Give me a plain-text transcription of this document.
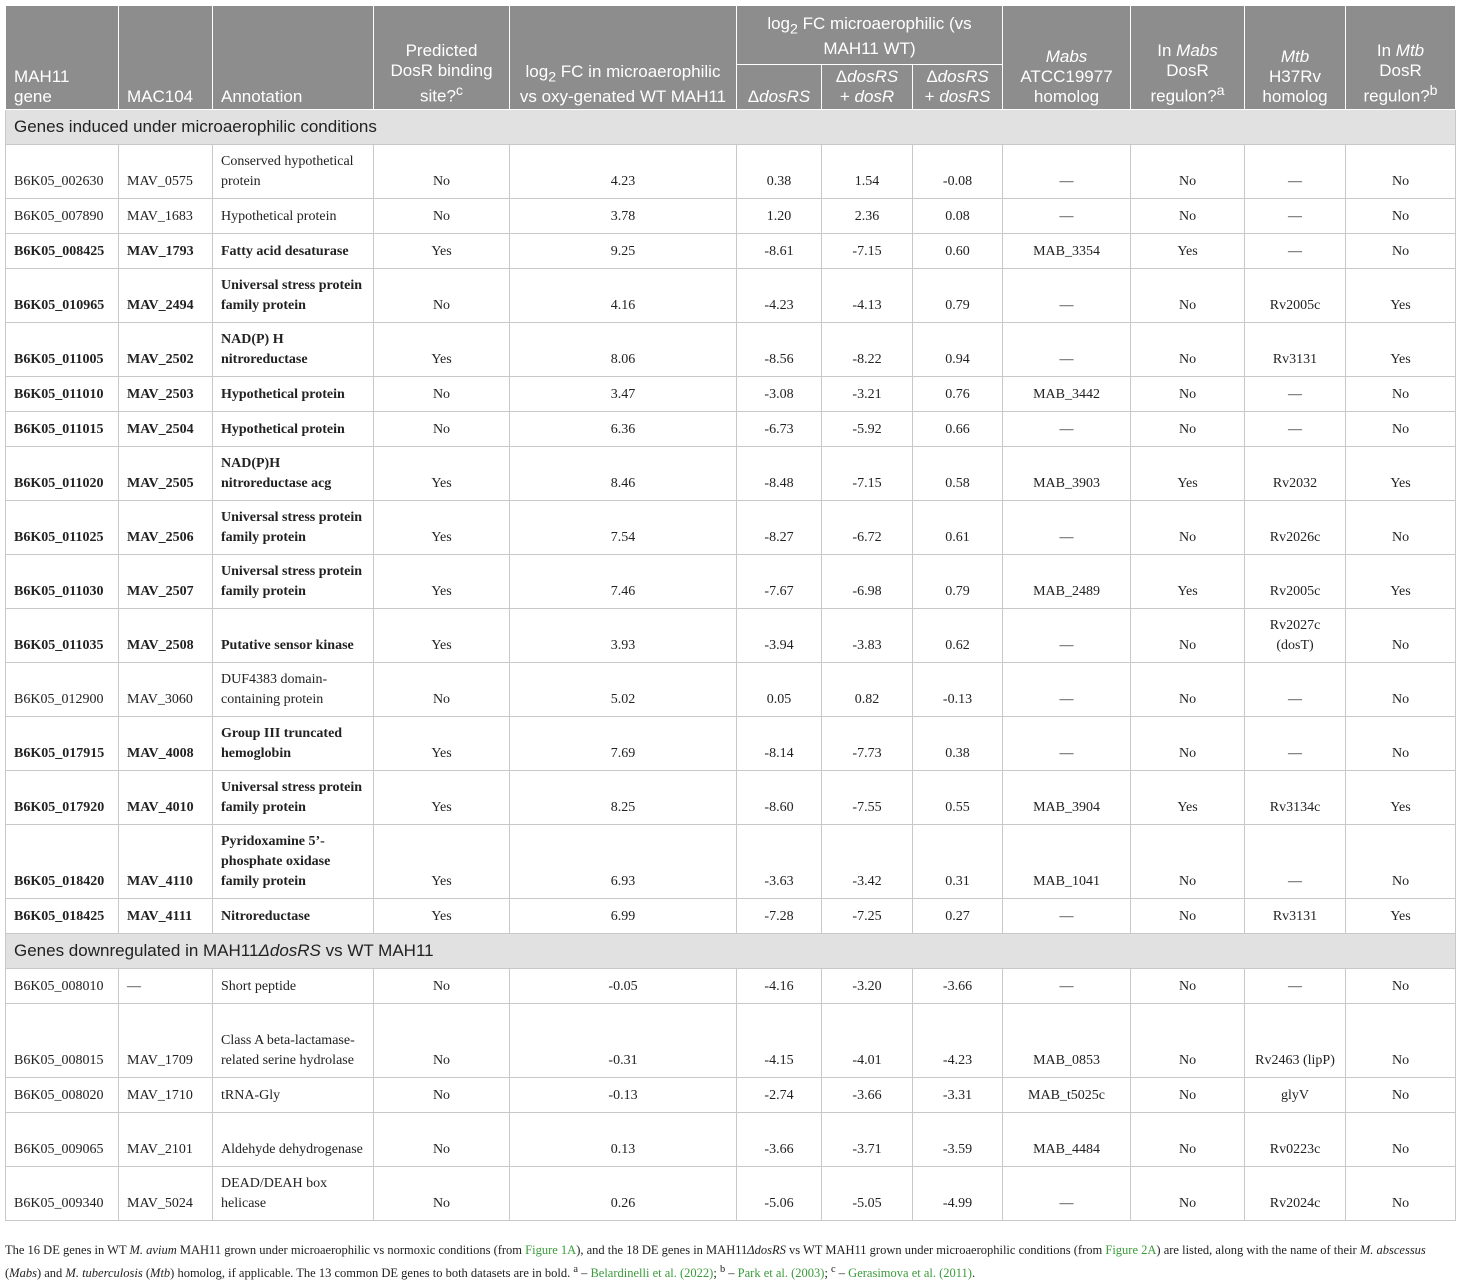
MAH11 gene	MAC104	Annotation	Predicted DosR binding site?$^c$	$\log_2$ FC in microaerophilic vs oxy-genated WT MAH11	$\log_2$ FC microaerophilic (vs MAH11 WT)			Mabs ATCC19977 homolog	In Mabs DosR regulon?$^a$	Mtb H37Rv homolog	In Mtb DosR regulon?$^b$
					ΔdosRS	ΔdosRS + dosR	ΔdosRS + dosRS				
Genes induced under microaerophilic conditions											
B6K05_002630	MAV_0575	Conserved hypothetical protein	No	4.23	0.38	1.54	-0.08	—	No	—	No
B6K05_007890	MAV_1683	Hypothetical protein	No	3.78	1.20	2.36	0.08	—	No	—	No
B6K05_008425	MAV_1793	Fatty acid desaturase	Yes	9.25	-8.61	-7.15	0.60	MAB_3354	Yes	—	No
B6K05_010965	MAV_2494	Universal stress protein family protein	No	4.16	-4.23	-4.13	0.79	—	No	Rv2005c	Yes
B6K05_011005	MAV_2502	NAD(P) H nitroreductase	Yes	8.06	-8.56	-8.22	0.94	—	No	Rv3131	Yes
B6K05_011010	MAV_2503	Hypothetical protein	No	3.47	-3.08	-3.21	0.76	MAB_3442	No	—	No
B6K05_011015	MAV_2504	Hypothetical protein	No	6.36	-6.73	-5.92	0.66	—	No	—	No
B6K05_011020	MAV_2505	NAD(P)H nitroreductase acg	Yes	8.46	-8.48	-7.15	0.58	MAB_3903	Yes	Rv2032	Yes
B6K05_011025	MAV_2506	Universal stress protein family protein	Yes	7.54	-8.27	-6.72	0.61	—	No	Rv2026c	No
B6K05_011030	MAV_2507	Universal stress protein family protein	Yes	7.46	-7.67	-6.98	0.79	MAB_2489	Yes	Rv2005c	Yes
B6K05_011035	MAV_2508	Putative sensor kinase	Yes	3.93	-3.94	-3.83	0.62	—	No	Rv2027c (dosT)	No
B6K05_012900	MAV_3060	DUF4383 domain-containing protein	No	5.02	0.05	0.82	-0.13	—	No	—	No
B6K05_017915	MAV_4008	Group III truncated hemoglobin	Yes	7.69	-8.14	-7.73	0.38	—	No	—	No
B6K05_017920	MAV_4010	Universal stress protein family protein	Yes	8.25	-8.60	-7.55	0.55	MAB_3904	Yes	Rv3134c	Yes
B6K05_018420	MAV_4110	Pyridoxamine 5’-phosphate oxidase family protein	Yes	6.93	-3.63	-3.42	0.31	MAB_1041	No	—	No
B6K05_018425	MAV_4111	Nitroreductase	Yes	6.99	-7.28	-7.25	0.27	—	No	Rv3131	Yes
Genes downregulated in MAH11ΔdosRS vs WT MAH11											
B6K05_008010	—	Short peptide	No	-0.05	-4.16	-3.20	-3.66	—	No	—	No
B6K05_008015	MAV_1709	Class A beta-lactamase-related serine hydrolase	No	-0.31	-4.15	-4.01	-4.23	MAB_0853	No	Rv2463 (lipP)	No
B6K05_008020	MAV_1710	tRNA-Gly	No	-0.13	-2.74	-3.66	-3.31	MAB_t5025c	No	glyV	No
B6K05_009065	MAV_2101	Aldehyde dehydrogenase	No	0.13	-3.66	-3.71	-3.59	MAB_4484	No	Rv0223c	No
B6K05_009340	MAV_5024	DEAD/DEAH box helicase	No	0.26	-5.06	-5.05	-4.99	—	No	Rv2024c	No
The 16 DE genes in WT M. avium MAH11 grown under microaerophilic vs normoxic conditions (from Figure 1A), and the 18 DE genes in MAH11ΔdosRS vs WT MAH11 grown under microaerophilic conditions (from Figure 2A) are listed, along with the name of their M. abscessus (Mabs) and M. tuberculosis (Mtb) homolog, if applicable. The 13 common DE genes to both datasets are in bold. $^a$ – Belardinelli et al. (2022); $^b$ – Park et al. (2003); $^c$ – Gerasimova et al. (2011).
